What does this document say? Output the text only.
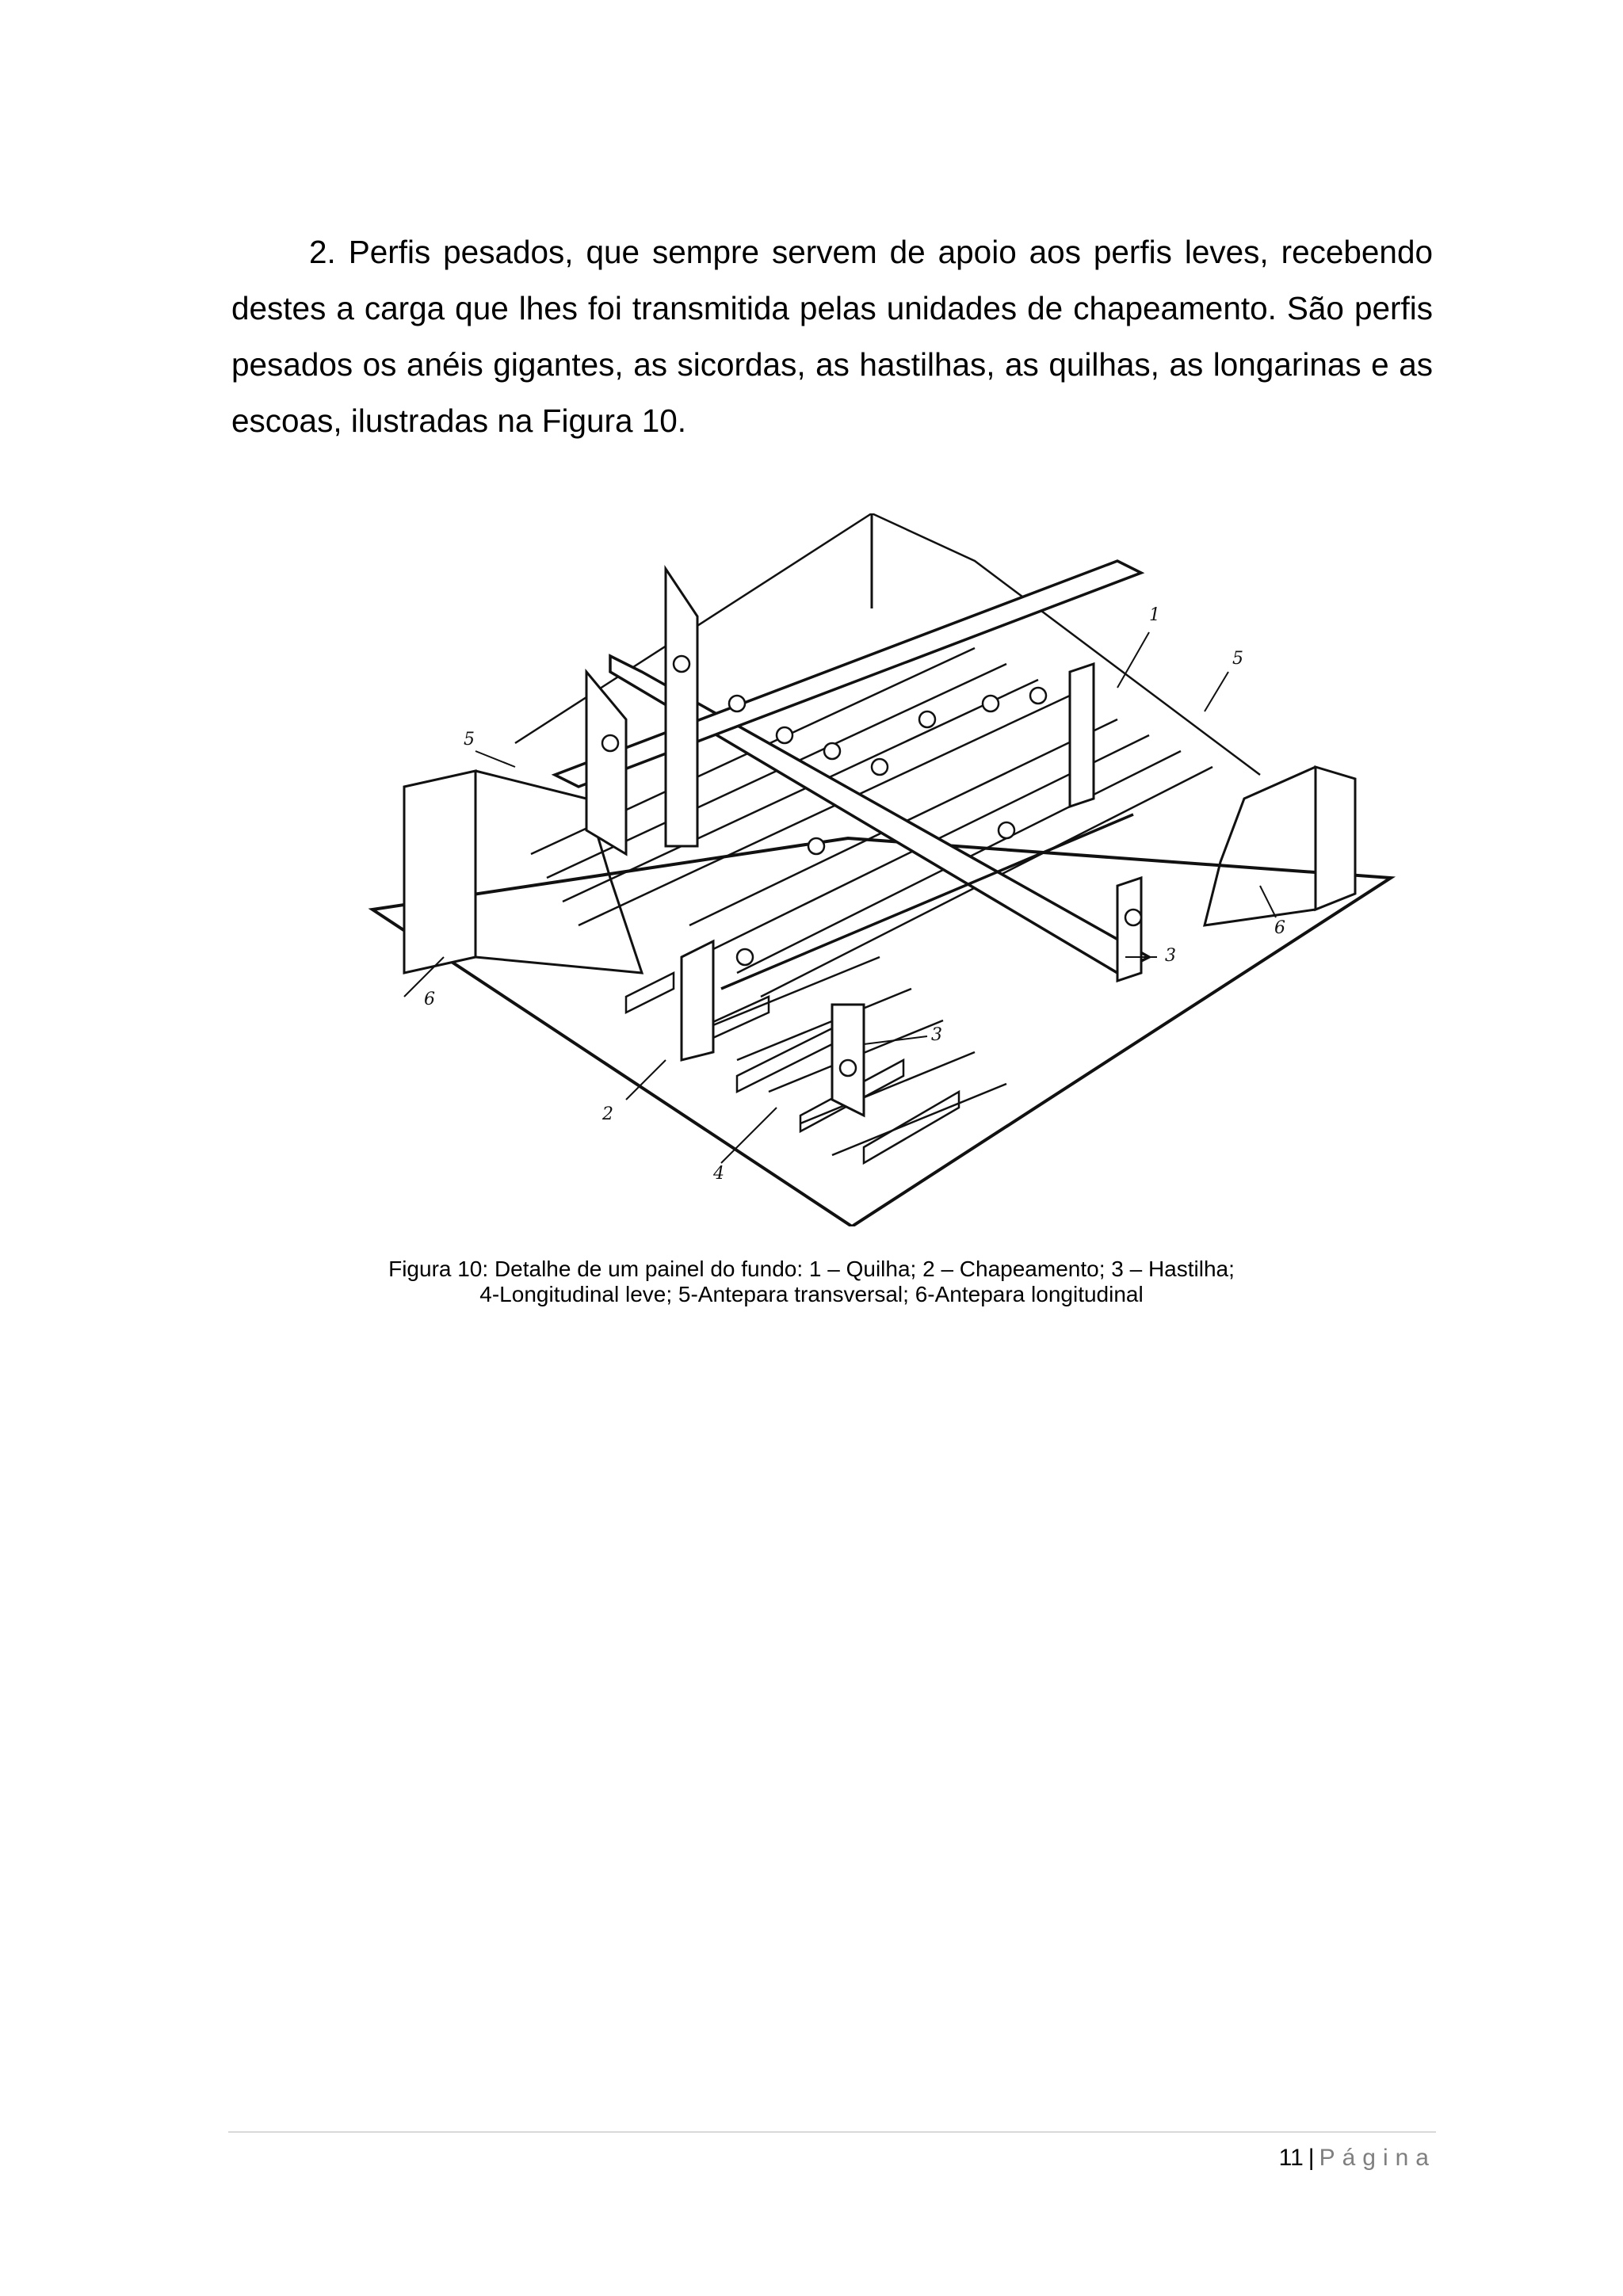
2. Perfis pesados, que sempre servem de apoio aos perfis leves, recebendo destes a carga que lhes foi transmitida pelas unidades de chapeamento. São perfis pesados os anéis gigantes, as sicordas, as hastilhas, as quilhas, as longarinas e as escoas, ilustradas na Figura 10.

1
5
5
6
3
3
2
4
6

Figura 10: Detalhe de um painel do fundo: 1 – Quilha; 2 – Chapeamento; 3 – Hastilha;
4-Longitudinal leve; 5-Antepara transversal; 6-Antepara longitudinal

11 | Página
